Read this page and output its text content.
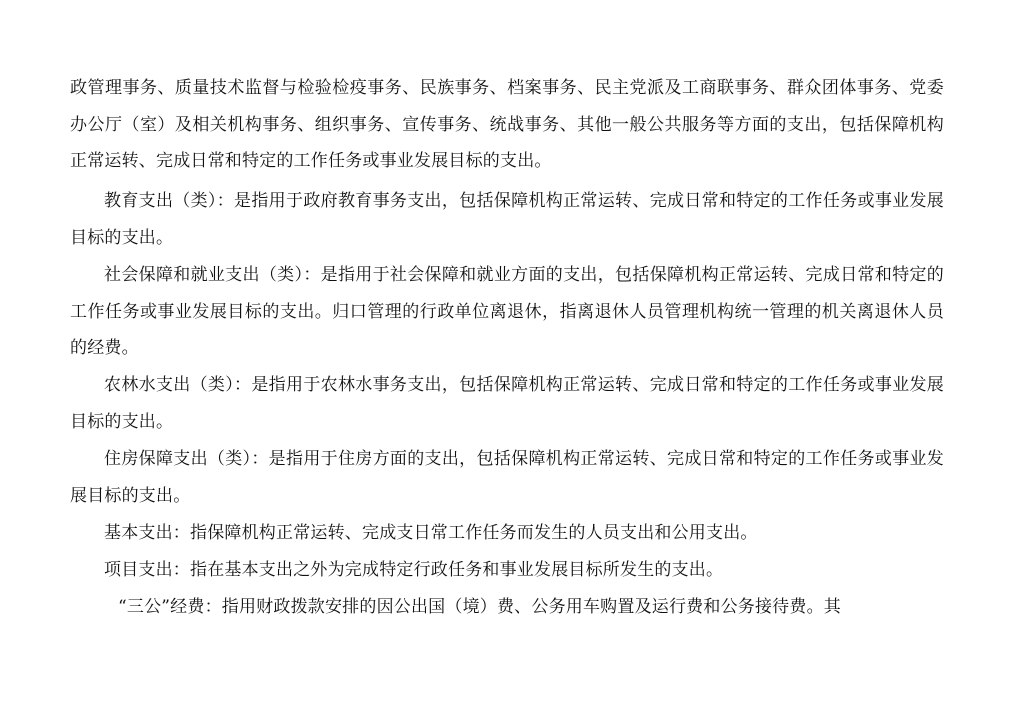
政管理事务、质量技术监督与检验检疫事务、民族事务、档案事务、民主党派及工商联事务、群众团体事务、党委办公厅（室）及相关机构事务、组织事务、宣传事务、统战事务、其他一般公共服务等方面的支出，包括保障机构正常运转、完成日常和特定的工作任务或事业发展目标的支出。

教育支出（类）：是指用于政府教育事务支出，包括保障机构正常运转、完成日常和特定的工作任务或事业发展目标的支出。

社会保障和就业支出（类）：是指用于社会保障和就业方面的支出，包括保障机构正常运转、完成日常和特定的工作任务或事业发展目标的支出。归口管理的行政单位离退休，指离退休人员管理机构统一管理的机关离退休人员的经费。

农林水支出（类）：是指用于农林水事务支出，包括保障机构正常运转、完成日常和特定的工作任务或事业发展目标的支出。

住房保障支出（类）：是指用于住房方面的支出，包括保障机构正常运转、完成日常和特定的工作任务或事业发展目标的支出。

基本支出：指保障机构正常运转、完成支日常工作任务而发生的人员支出和公用支出。

项目支出：指在基本支出之外为完成特定行政任务和事业发展目标所发生的支出。

“三公”经费：指用财政拨款安排的因公出国（境）费、公务用车购置及运行费和公务接待费。其
